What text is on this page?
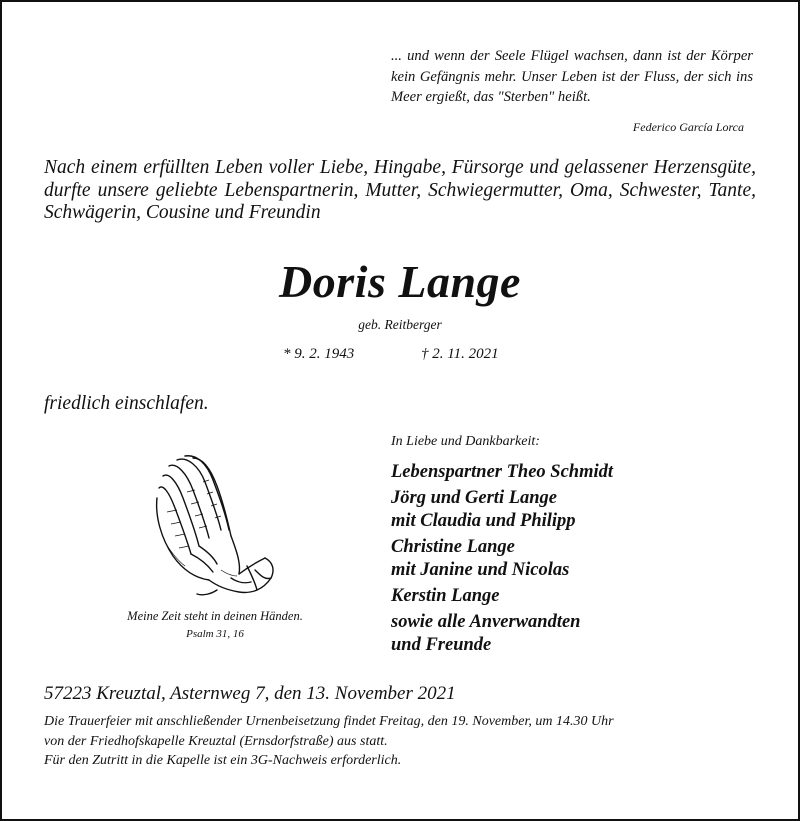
... und wenn der Seele Flügel wachsen, dann ist der Körper kein Gefängnis mehr. Unser Leben ist der Fluss, der sich ins Meer ergießt, das "Sterben" heißt.
Federico García Lorca
Nach einem erfüllten Leben voller Liebe, Hingabe, Fürsorge und gelassener Herzensgüte, durfte unsere geliebte Lebenspartnerin, Mutter, Schwiegermutter, Oma, Schwester, Tante, Schwägerin, Cousine und Freundin
Doris Lange
geb. Reitberger
* 9. 2. 1943	† 2. 11. 2021
friedlich einschlafen.
In Liebe und Dankbarkeit:
Lebenspartner Theo Schmidt
Jörg und Gerti Lange
mit Claudia und Philipp
Christine Lange
mit Janine und Nicolas
Kerstin Lange
sowie alle Anverwandten
und Freunde
Meine Zeit steht in deinen Händen.
Psalm 31, 16
57223 Kreuztal, Asternweg 7, den 13. November 2021
Die Trauerfeier mit anschließender Urnenbeisetzung findet Freitag, den 19. November, um 14.30 Uhr
von der Friedhofskapelle Kreuztal (Ernsdorfstraße) aus statt.
Für den Zutritt in die Kapelle ist ein 3G-Nachweis erforderlich.
